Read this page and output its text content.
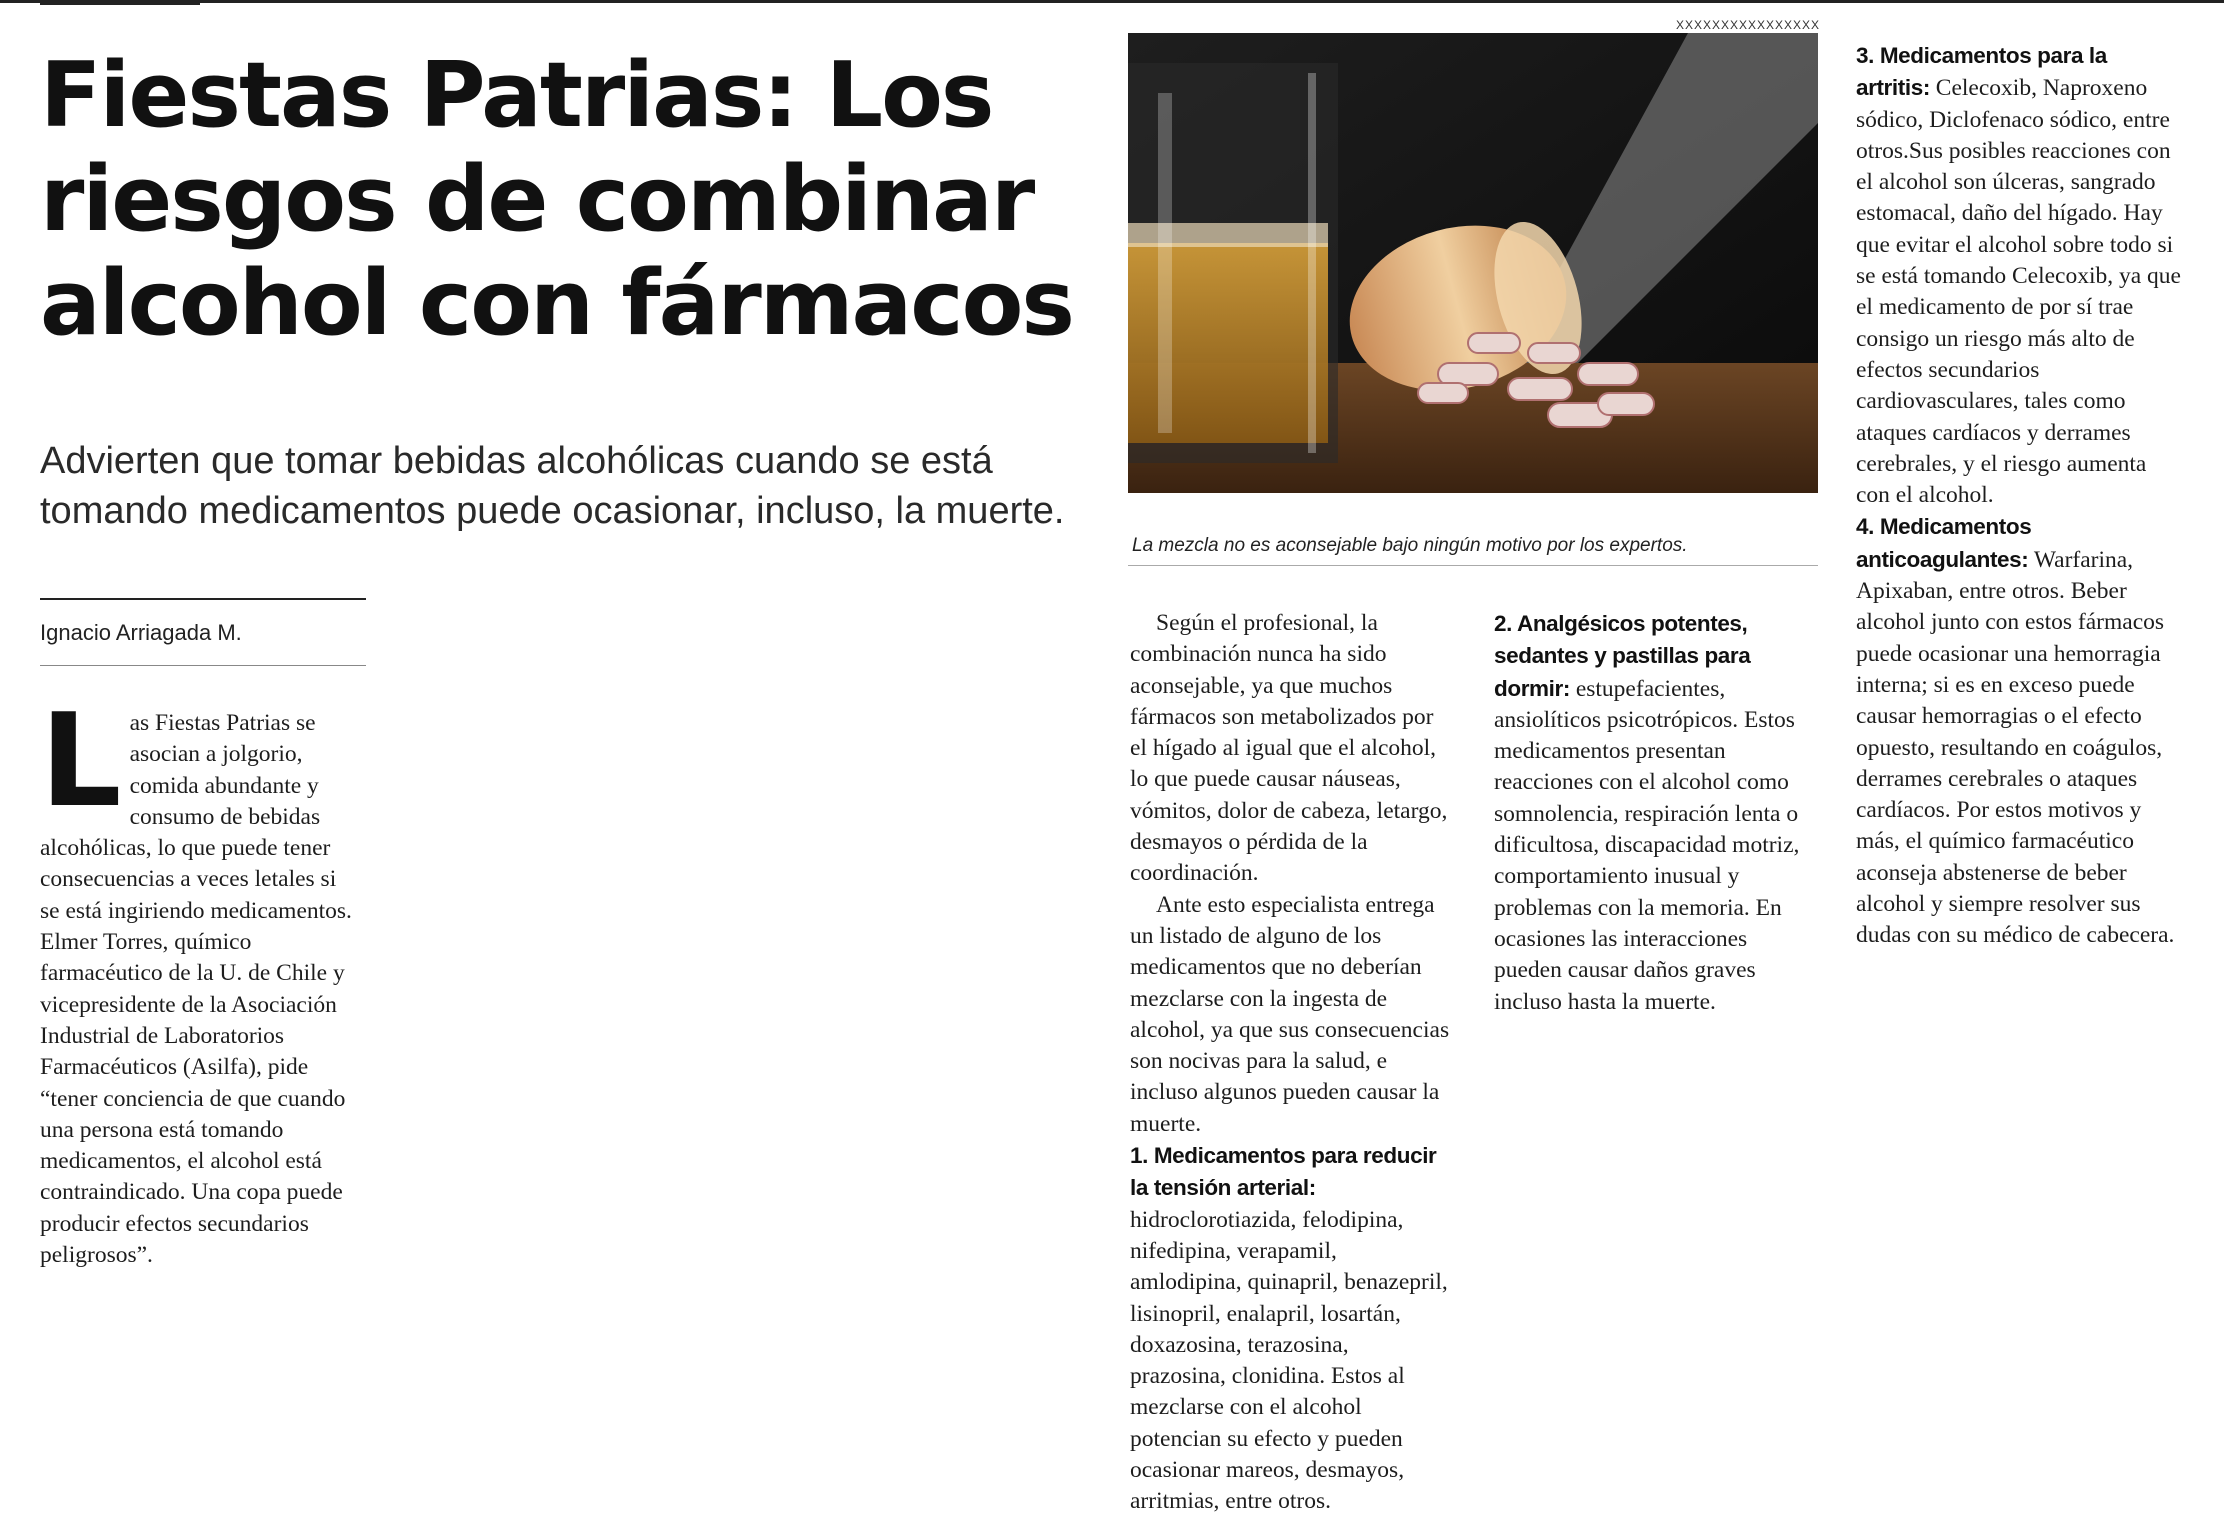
Fiestas Patrias: Los riesgos de combinar alcohol con fármacos
Advierten que tomar bebidas alcohólicas cuando se está tomando medicamentos puede ocasionar, incluso, la muerte.
XXXXXXXXXXXXXXXX

La mezcla no es aconsejable bajo ningún motivo por los expertos.

Ignacio Arriagada M.

Las Fiestas Patrias se asocian a jolgorio, comida abundante y consumo de bebidas alcohólicas, lo que puede tener consecuencias a veces letales si se está ingiriendo medicamentos. Elmer Torres, químico farmacéutico de la U. de Chile y vicepresidente de la Asociación Industrial de Laboratorios Farmacéuticos (Asilfa), pide “tener conciencia de que cuando una persona está tomando medicamentos, el alcohol está contraindicado. Una copa puede producir efectos secundarios peligrosos”.

Según el profesional, la combinación nunca ha sido aconsejable, ya que muchos fármacos son metabolizados por el hígado al igual que el alcohol, lo que puede causar náuseas, vómitos, dolor de cabeza, letargo, desmayos o pérdida de la coordinación.

Ante esto especialista entrega un listado de alguno de los medicamentos que no deberían mezclarse con la ingesta de alcohol, ya que sus consecuencias son nocivas para la salud, e incluso algunos pueden causar la muerte.

1. Medicamentos para reducir la tensión arterial: hidroclorotiazida, felodipina, nifedipina, verapamil, amlodipina, quinapril, benazepril, lisinopril, enalapril, losartán, doxazosina, terazosina, prazosina, clonidina. Estos al mezclarse con el alcohol potencian su efecto y pueden ocasionar mareos, desmayos, arritmias, entre otros.

2. Analgésicos potentes, sedantes y pastillas para dormir: estupefacientes, ansiolíticos psicotrópicos. Estos medicamentos presentan reacciones con el alcohol como somnolencia, respiración lenta o dificultosa, discapacidad motriz, comportamiento inusual y problemas con la memoria. En ocasiones las interacciones pueden causar daños graves incluso hasta la muerte.

3. Medicamentos para la artritis: Celecoxib, Naproxeno sódico, Diclofenaco sódico, entre otros.Sus posibles reacciones con el alcohol son úlceras, sangrado estomacal, daño del hígado. Hay que evitar el alcohol sobre todo si se está tomando Celecoxib, ya que el medicamento de por sí trae consigo un riesgo más alto de efectos secundarios cardiovasculares, tales como ataques cardíacos y derrames cerebrales, y el riesgo aumenta con el alcohol.

4. Medicamentos anticoagulantes: Warfarina, Apixaban, entre otros. Beber alcohol junto con estos fármacos puede ocasionar una hemorragia interna; si es en exceso puede causar hemorragias o el efecto opuesto, resultando en coágulos, derrames cerebrales o ataques cardíacos. Por estos motivos y más, el químico farmacéutico aconseja abstenerse de beber alcohol y siempre resolver sus dudas con su médico de cabecera.
